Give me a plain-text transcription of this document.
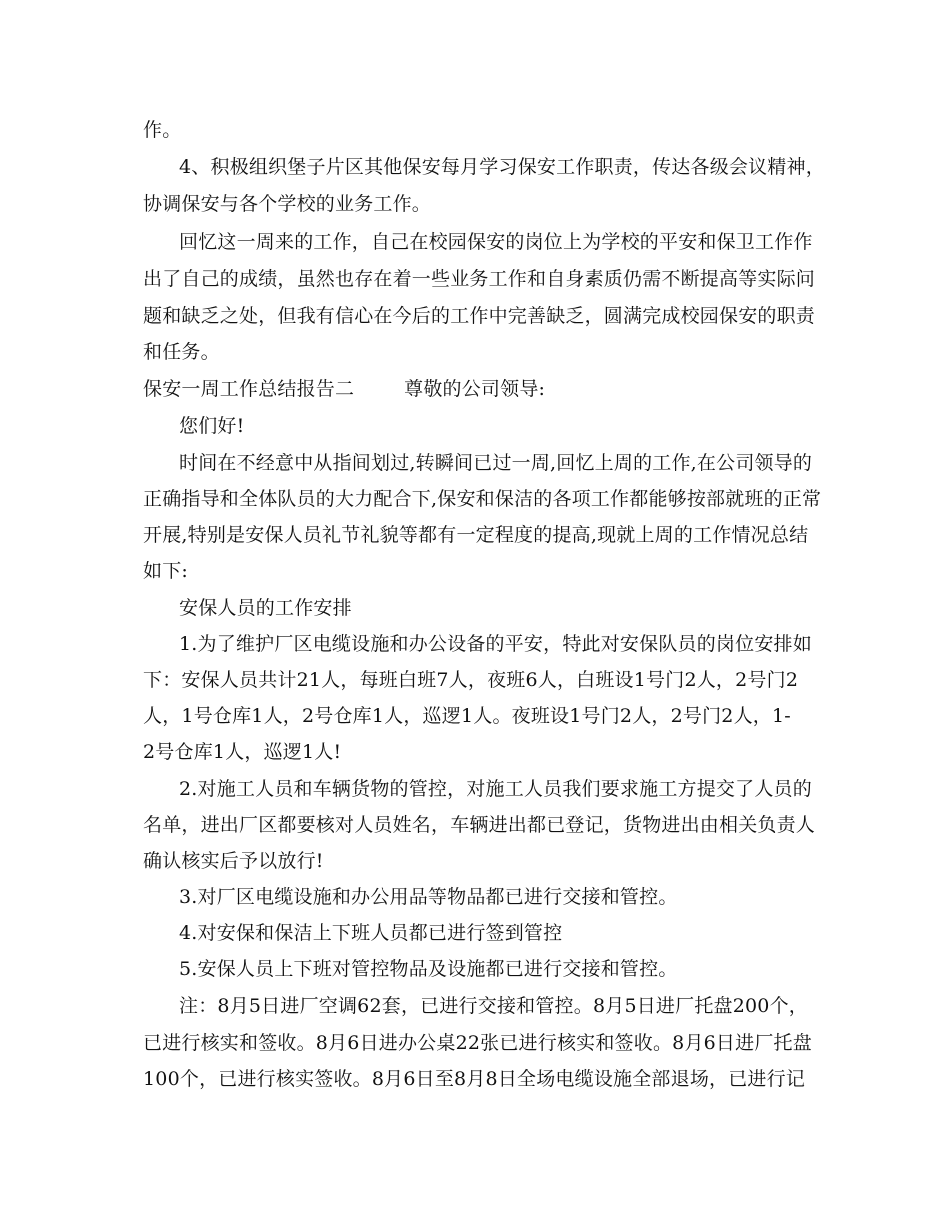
作。
4、积极组织堡子片区其他保安每月学习保安工作职责，传达各级会议精神，
协调保安与各个学校的业务工作。
回忆这一周来的工作，自己在校园保安的岗位上为学校的平安和保卫工作作
出了自己的成绩，虽然也存在着一些业务工作和自身素质仍需不断提高等实际问
题和缺乏之处，但我有信心在今后的工作中完善缺乏，圆满完成校园保安的职责
和任务。
保安一周工作总结报告二        尊敬的公司领导:
您们好!
时间在不经意中从指间划过,转瞬间已过一周,回忆上周的工作,在公司领导的
正确指导和全体队员的大力配合下,保安和保洁的各项工作都能够按部就班的正常
开展,特别是安保人员礼节礼貌等都有一定程度的提高,现就上周的工作情况总结
如下:
安保人员的工作安排
1.为了维护厂区电缆设施和办公设备的平安，特此对安保队员的岗位安排如
下：安保人员共计21人，每班白班7人，夜班6人，白班设1号门2人，2号门2
人，1号仓库1人，2号仓库1人，巡逻1人。夜班设1号门2人，2号门2人，1-
2号仓库1人，巡逻1人!
2.对施工人员和车辆货物的管控，对施工人员我们要求施工方提交了人员的
名单，进出厂区都要核对人员姓名，车辆进出都已登记，货物进出由相关负责人
确认核实后予以放行!
3.对厂区电缆设施和办公用品等物品都已进行交接和管控。
4.对安保和保洁上下班人员都已进行签到管控
5.安保人员上下班对管控物品及设施都已进行交接和管控。
注：8月5日进厂空调62套，已进行交接和管控。8月5日进厂托盘200个，
已进行核实和签收。8月6日进办公桌22张已进行核实和签收。8月6日进厂托盘
100个，已进行核实签收。8月6日至8月8日全场电缆设施全部退场，已进行记
